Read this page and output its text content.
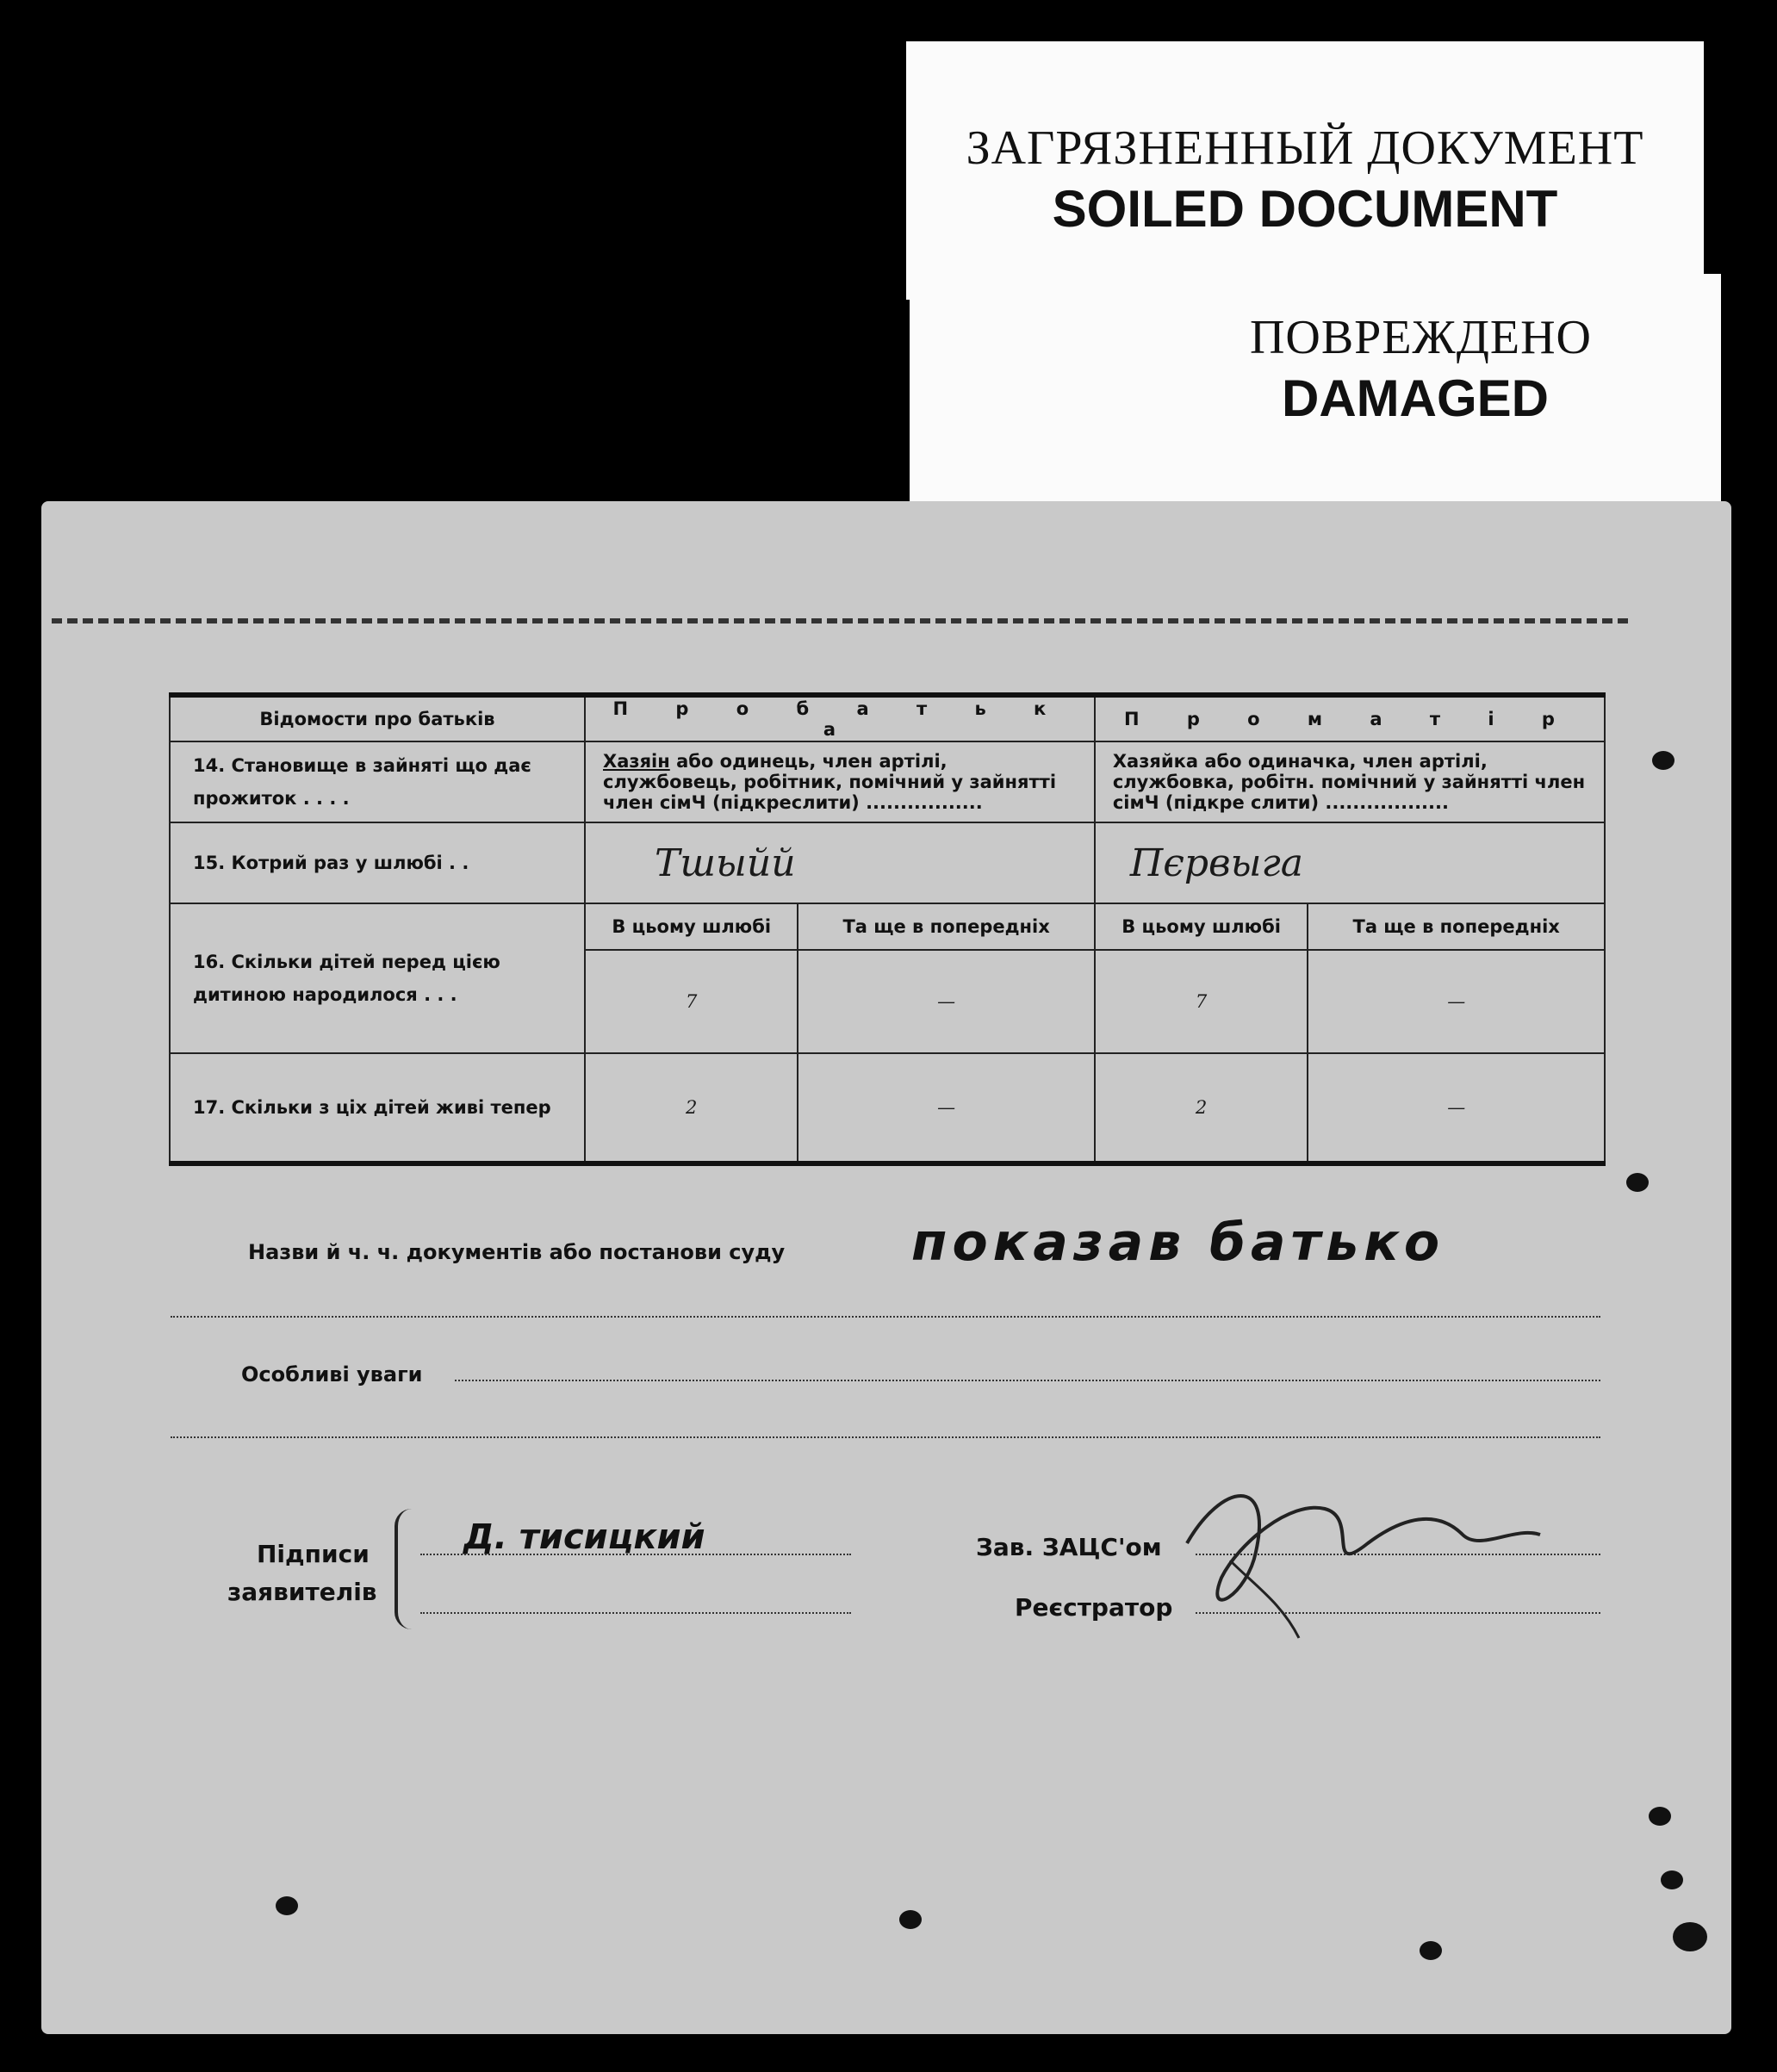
ЗАГРЯЗНЕННЫЙ ДОКУМЕНТ
SOILED DOCUMENT
ПОВРЕЖДЕНО
DAMAGED
Відомости про батьків	П р о б а т ь к а		П р о м а т і р	
14. Становище в зайняті що дає прожиток . . . .	Хазяін або одинець, член артілі, службовець, робітник, помічний у зайнятті член сімЧ (підкреслити) .................		Хазяйка або одиначка, член артілі, службовка, робітн. помічний у зайнятті член сімЧ (підкре слити) ..................	
15. Котрий раз у шлюбі . .	Тшыйй		Пєрвыга	
16. Скільки дітей перед цією дитиною народилося . . .	В цьому шлюбі	Та ще в попередніх	В цьому шлюбі	Та ще в попередніх
	7	—	7	—
17. Скільки з ціх дітей живі тепер	2	—	2	—
Назви й ч. ч. документів або постанови суду показав батько
Особливі уваги
Підписи
заявителів
Д. тисицкий	Зав. ЗАЦС'ом
Реєстратор
